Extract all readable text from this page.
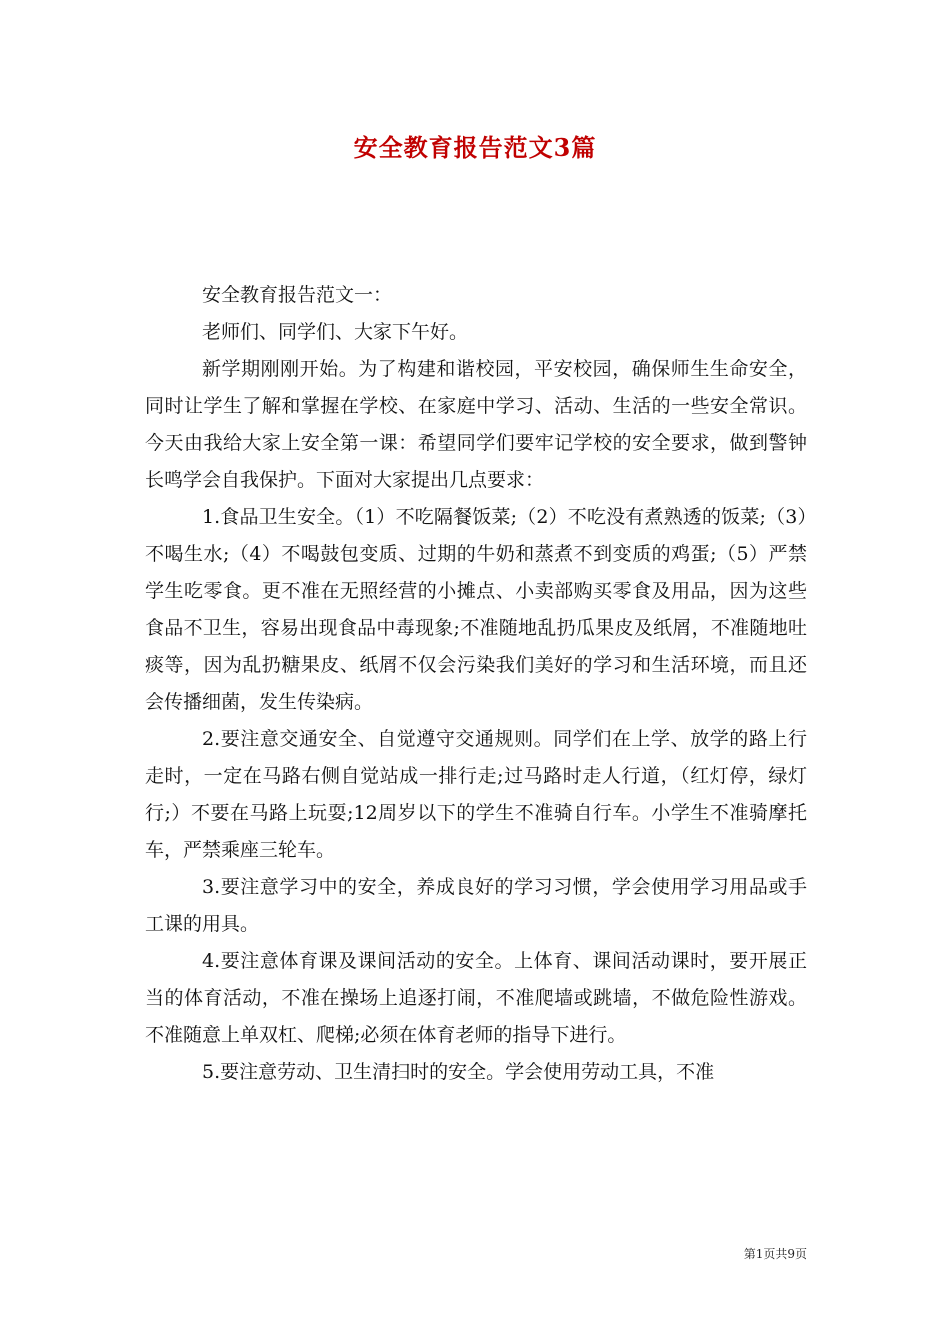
安全教育报告范文3篇

安全教育报告范文一：

老师们、同学们、大家下午好。

新学期刚刚开始。为了构建和谐校园，平安校园，确保师生生命安全，同时让学生了解和掌握在学校、在家庭中学习、活动、生活的一些安全常识。今天由我给大家上安全第一课：希望同学们要牢记学校的安全要求，做到警钟长鸣学会自我保护。下面对大家提出几点要求：

1.食品卫生安全。（1）不吃隔餐饭菜;（2）不吃没有煮熟透的饭菜;（3）不喝生水;（4）不喝鼓包变质、过期的牛奶和蒸煮不到变质的鸡蛋;（5）严禁学生吃零食。更不准在无照经营的小摊点、小卖部购买零食及用品，因为这些食品不卫生，容易出现食品中毒现象;不准随地乱扔瓜果皮及纸屑，不准随地吐痰等，因为乱扔糖果皮、纸屑不仅会污染我们美好的学习和生活环境，而且还会传播细菌，发生传染病。

2.要注意交通安全、自觉遵守交通规则。同学们在上学、放学的路上行走时，一定在马路右侧自觉站成一排行走;过马路时走人行道，（红灯停，绿灯行;）不要在马路上玩耍;12周岁以下的学生不准骑自行车。小学生不准骑摩托车，严禁乘座三轮车。

3.要注意学习中的安全，养成良好的学习习惯，学会使用学习用品或手工课的用具。

4.要注意体育课及课间活动的安全。上体育、课间活动课时，要开展正当的体育活动，不准在操场上追逐打闹，不准爬墙或跳墙，不做危险性游戏。不准随意上单双杠、爬梯;必须在体育老师的指导下进行。

5.要注意劳动、卫生清扫时的安全。学会使用劳动工具，不准

第1页共9页
